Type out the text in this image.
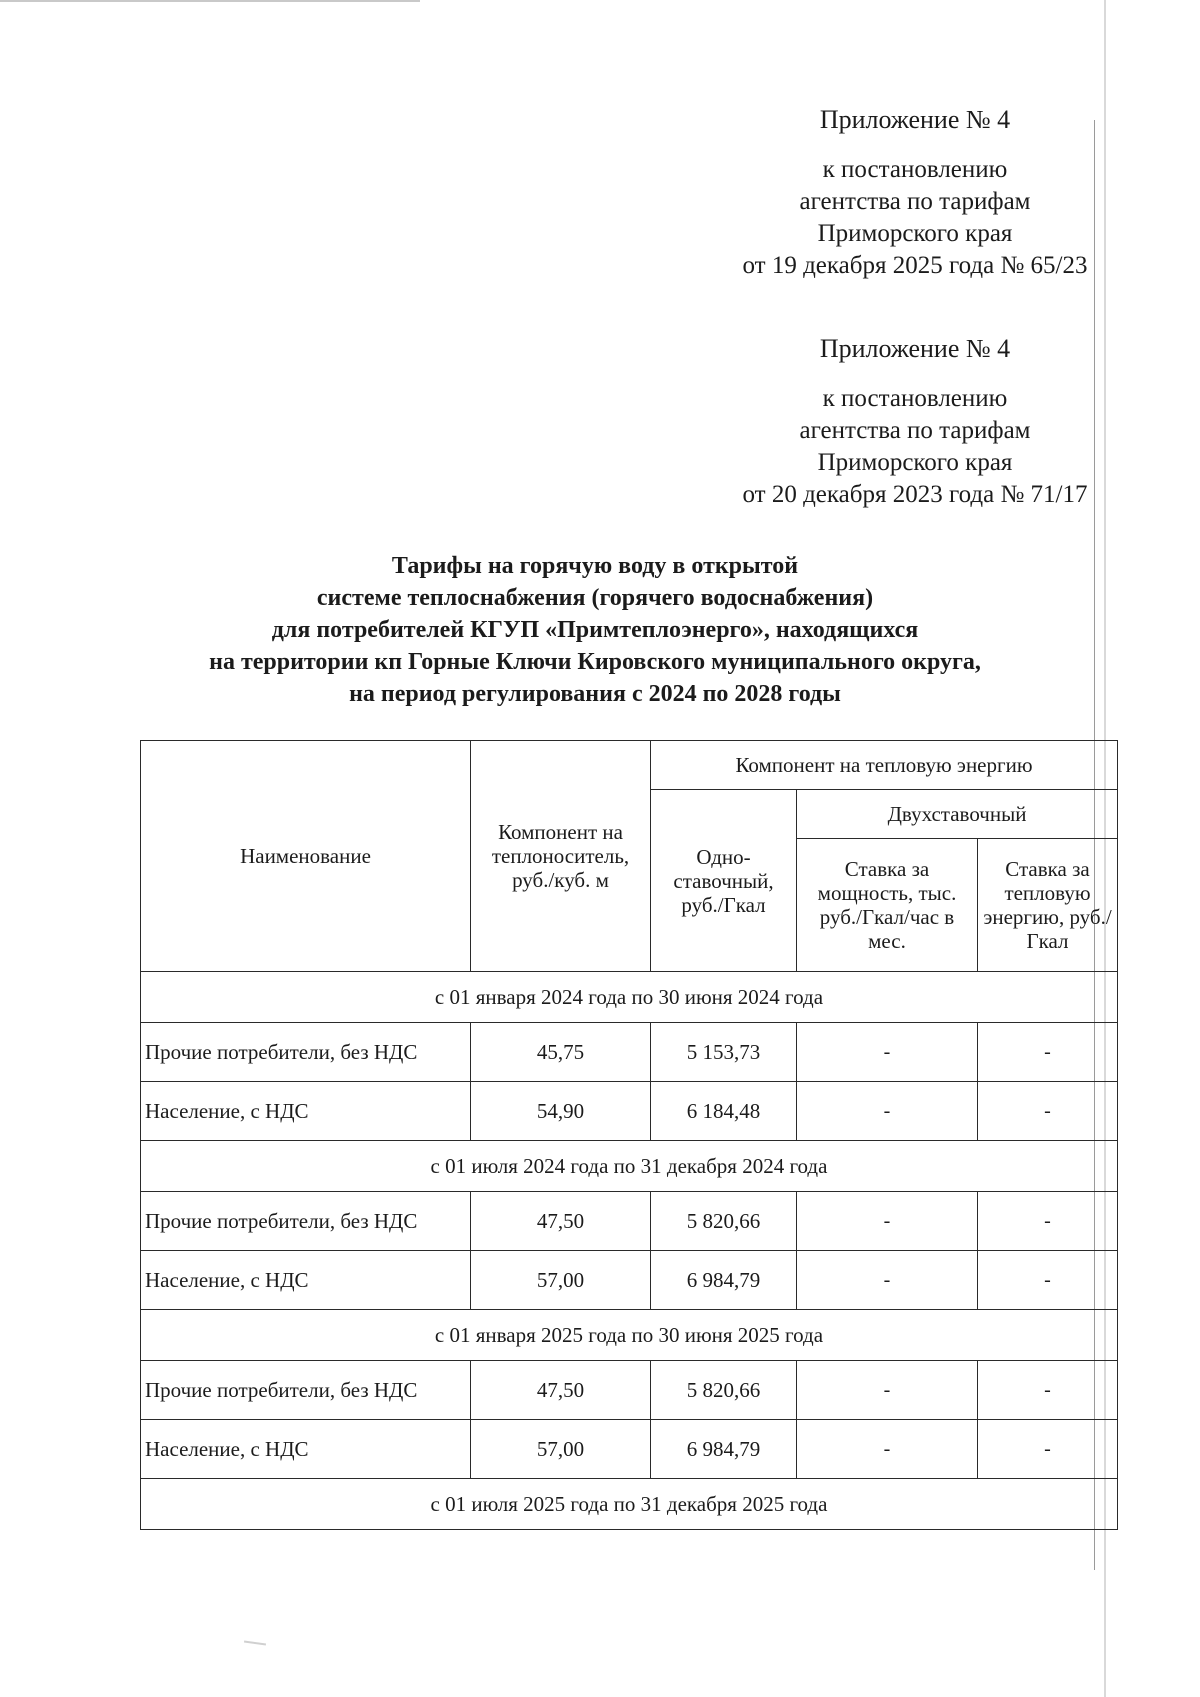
Приложение № 4
к постановлению
агентства по тарифам
Приморского края
от 19 декабря 2025 года № 65/23
Приложение № 4
к постановлению
агентства по тарифам
Приморского края
от 20 декабря 2023 года № 71/17
Тарифы на горячую воду в открытой
системе теплоснабжения (горячего водоснабжения)
для потребителей КГУП «Примтеплоэнерго», находящихся
на территории кп Горные Ключи Кировского муниципального округа,
на период регулирования с 2024 по 2028 годы
Наименование	Компонент на теплоноситель, руб./куб. м	Компонент на тепловую энергию		
		Одно-ставочный, руб./Гкал	Двухставочный	
			Ставка за мощность, тыс. руб./Гкал/час в мес.	Ставка за тепловую энергию, руб./Гкал
с 01 января 2024 года по 30 июня 2024 года				
Прочие потребители, без НДС	45,75	5 153,73	-	-
Население, с НДС	54,90	6 184,48	-	-
с 01 июля 2024 года по 31 декабря 2024 года				
Прочие потребители, без НДС	47,50	5 820,66	-	-
Население, с НДС	57,00	6 984,79	-	-
с 01 января 2025 года по 30 июня 2025 года				
Прочие потребители, без НДС	47,50	5 820,66	-	-
Население, с НДС	57,00	6 984,79	-	-
с 01 июля 2025 года по 31 декабря 2025 года				
